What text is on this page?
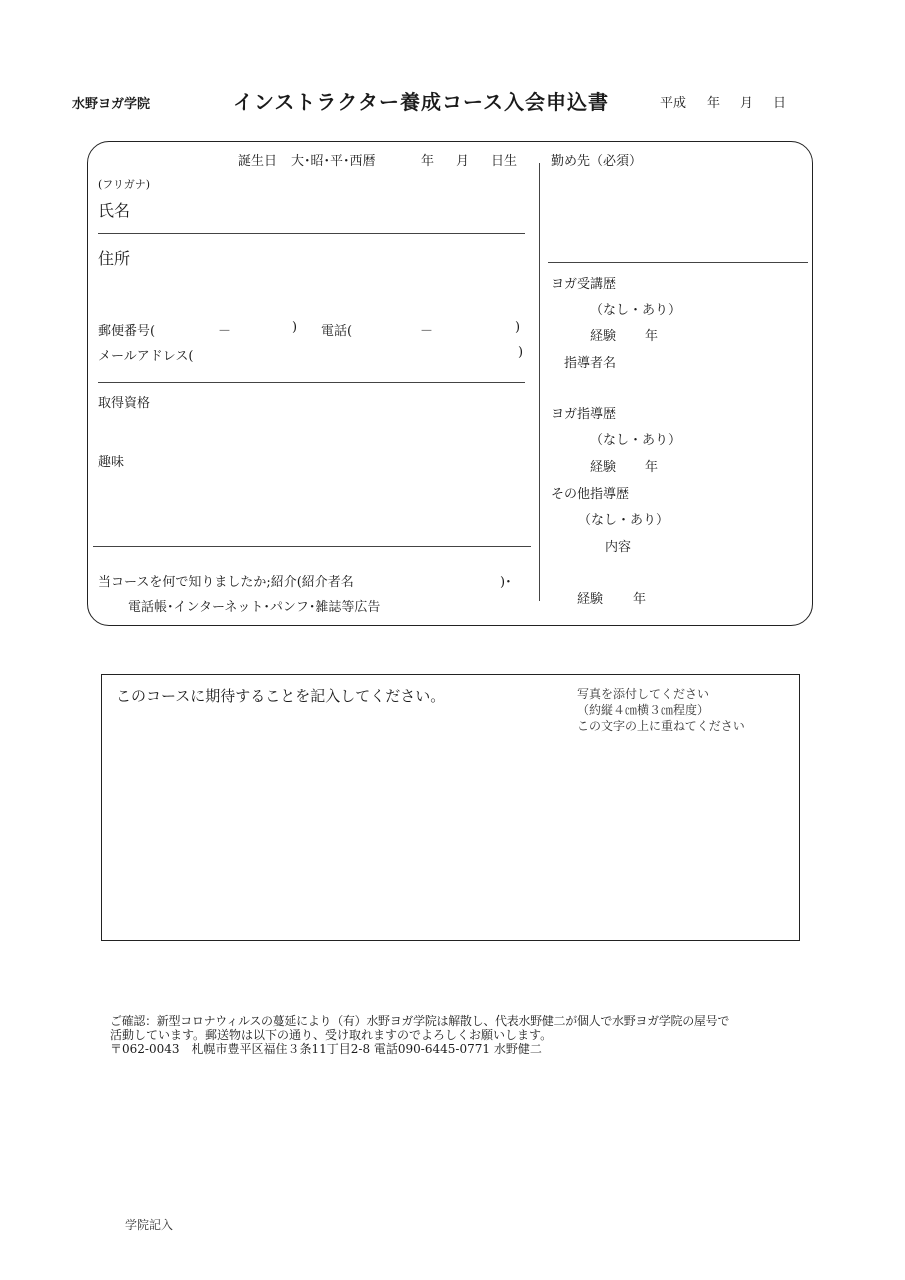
水野ヨガ学院	インストラクター養成コース入会申込書	平成 年 月 日
誕生日 大･昭･平･西暦	年 月 日生	勤め先（必須）
(フリガナ)
氏名
住所
郵便番号(	－	) 電話(	－	)
メールアドレス(	)
取得資格
趣味
当コースを何で知りましたか;紹介(紹介者名	)･
電話帳･インターネット･パンフ･雑誌等広告
ヨガ受講歴
（なし・あり）
経験 年
指導者名
ヨガ指導歴
（なし・あり）
経験 年
その他指導歴
（なし・あり）
内容
経験 年
このコースに期待することを記入してください。	写真を添付してください
（約縦４㎝横３㎝程度）
この文字の上に重ねてください
ご確認：新型コロナウィルスの蔓延により（有）水野ヨガ学院は解散し、代表水野健二が個人で水野ヨガ学院の屋号で
活動しています。郵送物は以下の通り、受け取れますのでよろしくお願いします。
〒062-0043　札幌市豊平区福住３条11丁目2-8 電話090-6445-0771 水野健二
学院記入
